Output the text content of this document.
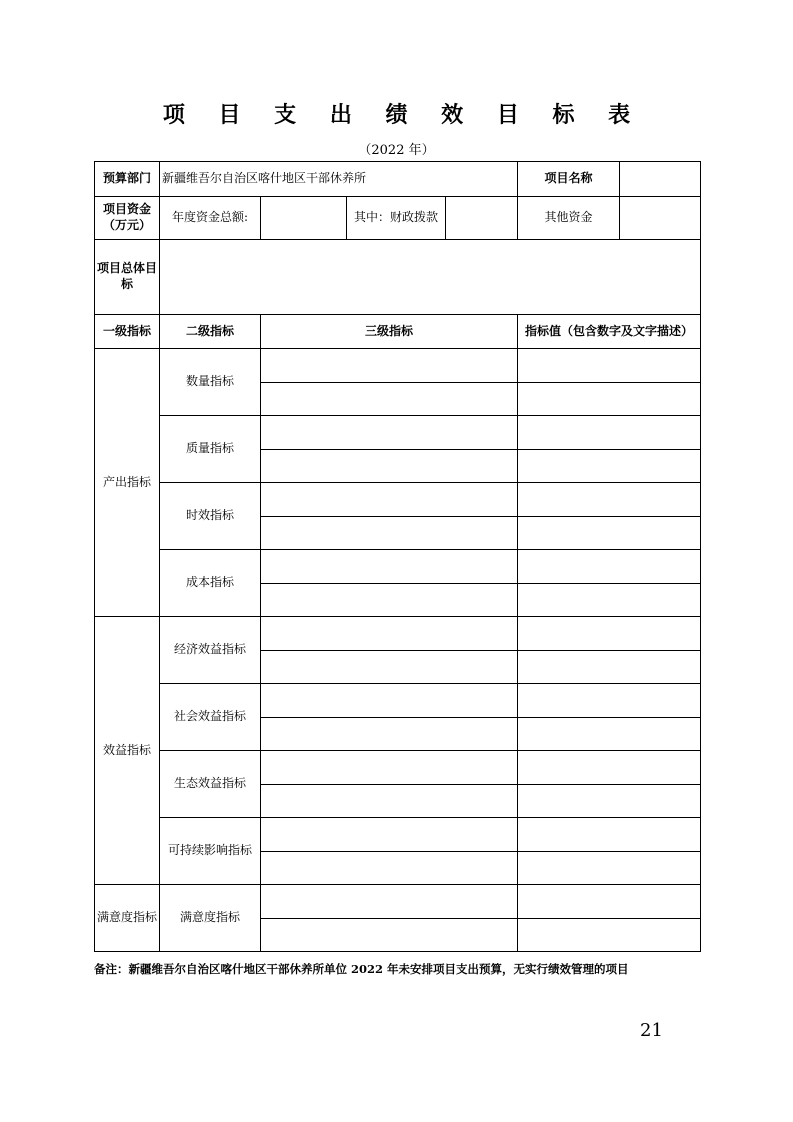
项 目 支 出 绩 效 目 标 表
（2022 年）
预算部门	新疆维吾尔自治区喀什地区干部休养所				项目名称	
项目资金
（万元）	年度资金总额:		其中：财政拨款		其他资金	
项目总体目
标						
一级指标	二级指标	三级指标			指标值（包含数字及文字描述）	
产出指标	数量指标					

	质量指标					

	时效指标					

	成本指标					

效益指标	经济效益指标					

	社会效益指标					

	生态效益指标					

	可持续影响指标					

满意度指标	满意度指标					

备注：新疆维吾尔自治区喀什地区干部休养所单位 2022 年未安排项目支出预算，无实行绩效管理的项目
21
